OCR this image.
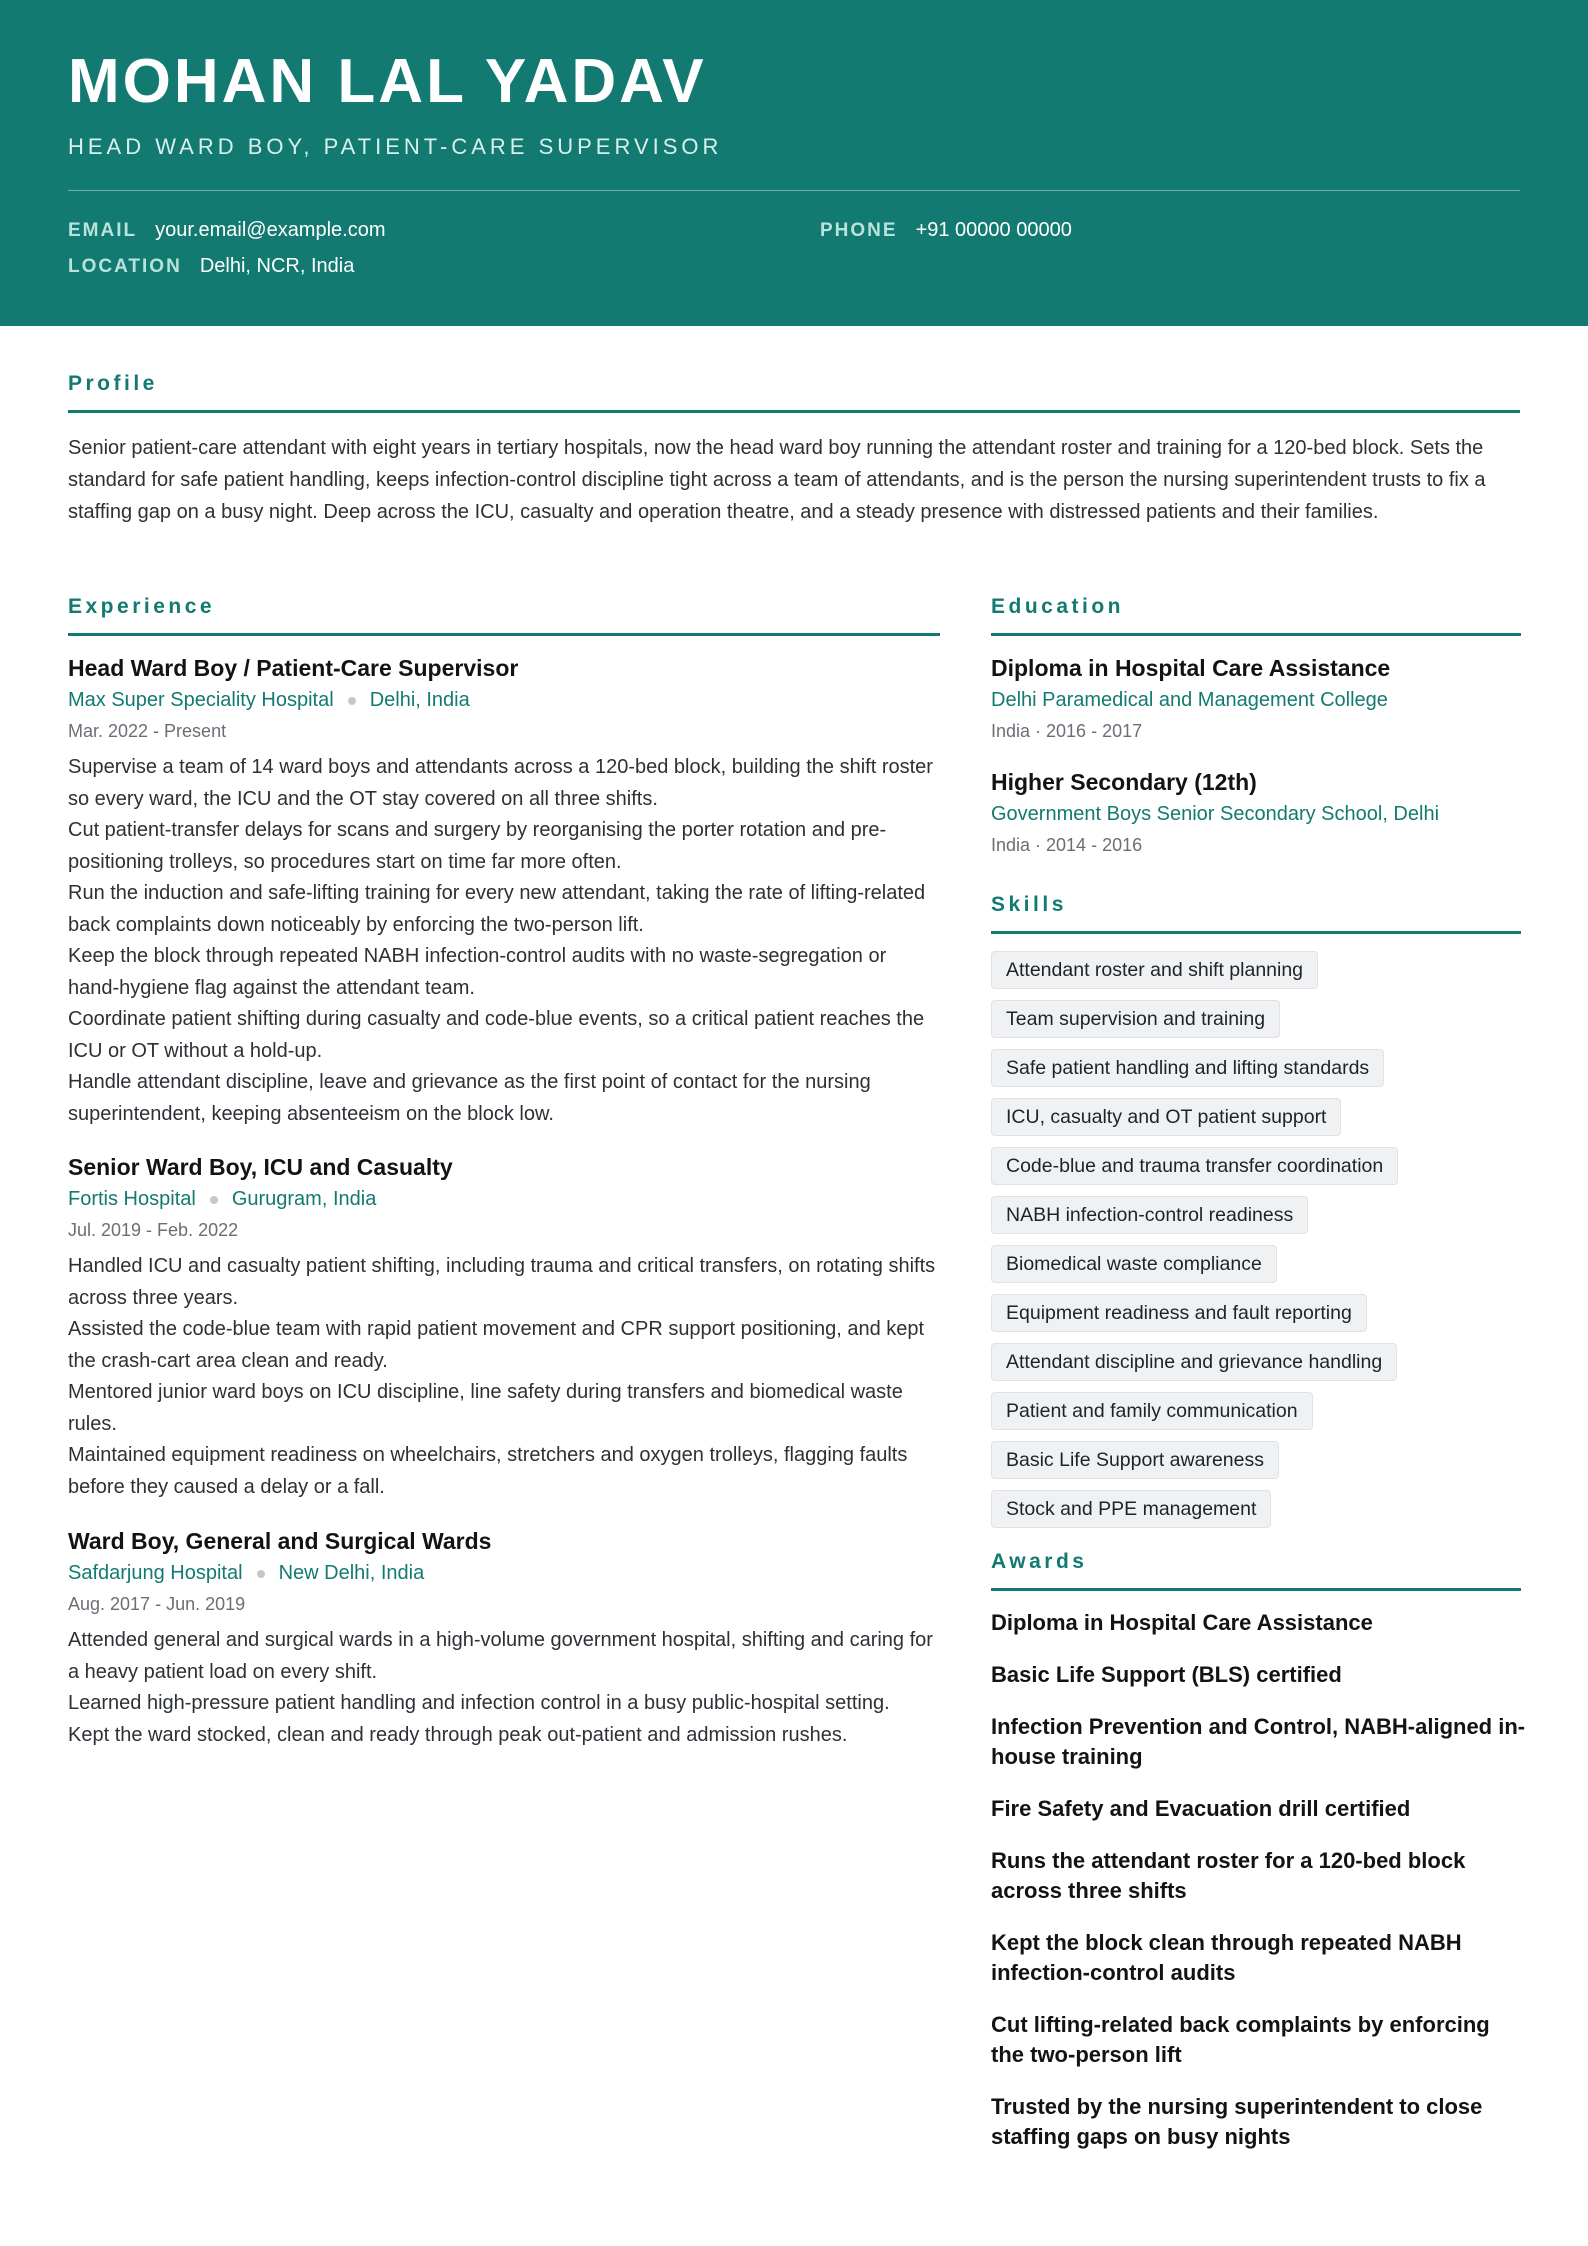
MOHAN LAL YADAV
HEAD WARD BOY, PATIENT-CARE SUPERVISOR
EMAIL your.email@example.com	PHONE +91 00000 00000
LOCATION Delhi, NCR, India
Profile
Senior patient-care attendant with eight years in tertiary hospitals, now the head ward boy running the attendant roster and training for a 120-bed block. Sets the standard for safe patient handling, keeps infection-control discipline tight across a team of attendants, and is the person the nursing superintendent trusts to fix a staffing gap on a busy night. Deep across the ICU, casualty and operation theatre, and a steady presence with distressed patients and their families.
Experience
Head Ward Boy / Patient-Care Supervisor
Max Super Speciality Hospital Delhi, India
Mar. 2022 - Present
Supervise a team of 14 ward boys and attendants across a 120-bed block, building the shift roster so every ward, the ICU and the OT stay covered on all three shifts.
Cut patient-transfer delays for scans and surgery by reorganising the porter rotation and pre-positioning trolleys, so procedures start on time far more often.
Run the induction and safe-lifting training for every new attendant, taking the rate of lifting-related back complaints down noticeably by enforcing the two-person lift.
Keep the block through repeated NABH infection-control audits with no waste-segregation or hand-hygiene flag against the attendant team.
Coordinate patient shifting during casualty and code-blue events, so a critical patient reaches the ICU or OT without a hold-up.
Handle attendant discipline, leave and grievance as the first point of contact for the nursing superintendent, keeping absenteeism on the block low.
Senior Ward Boy, ICU and Casualty
Fortis Hospital Gurugram, India
Jul. 2019 - Feb. 2022
Handled ICU and casualty patient shifting, including trauma and critical transfers, on rotating shifts across three years.
Assisted the code-blue team with rapid patient movement and CPR support positioning, and kept the crash-cart area clean and ready.
Mentored junior ward boys on ICU discipline, line safety during transfers and biomedical waste rules.
Maintained equipment readiness on wheelchairs, stretchers and oxygen trolleys, flagging faults before they caused a delay or a fall.
Ward Boy, General and Surgical Wards
Safdarjung Hospital New Delhi, India
Aug. 2017 - Jun. 2019
Attended general and surgical wards in a high-volume government hospital, shifting and caring for a heavy patient load on every shift.
Learned high-pressure patient handling and infection control in a busy public-hospital setting.
Kept the ward stocked, clean and ready through peak out-patient and admission rushes.
Education
Diploma in Hospital Care Assistance
Delhi Paramedical and Management College
India · 2016 - 2017
Higher Secondary (12th)
Government Boys Senior Secondary School, Delhi
India · 2014 - 2016
Skills
Attendant roster and shift planning
Team supervision and training
Safe patient handling and lifting standards
ICU, casualty and OT patient support
Code-blue and trauma transfer coordination
NABH infection-control readiness
Biomedical waste compliance
Equipment readiness and fault reporting
Attendant discipline and grievance handling
Patient and family communication
Basic Life Support awareness
Stock and PPE management
Awards
Diploma in Hospital Care Assistance
Basic Life Support (BLS) certified
Infection Prevention and Control, NABH-aligned in-house training
Fire Safety and Evacuation drill certified
Runs the attendant roster for a 120-bed block across three shifts
Kept the block clean through repeated NABH infection-control audits
Cut lifting-related back complaints by enforcing the two-person lift
Trusted by the nursing superintendent to close staffing gaps on busy nights
